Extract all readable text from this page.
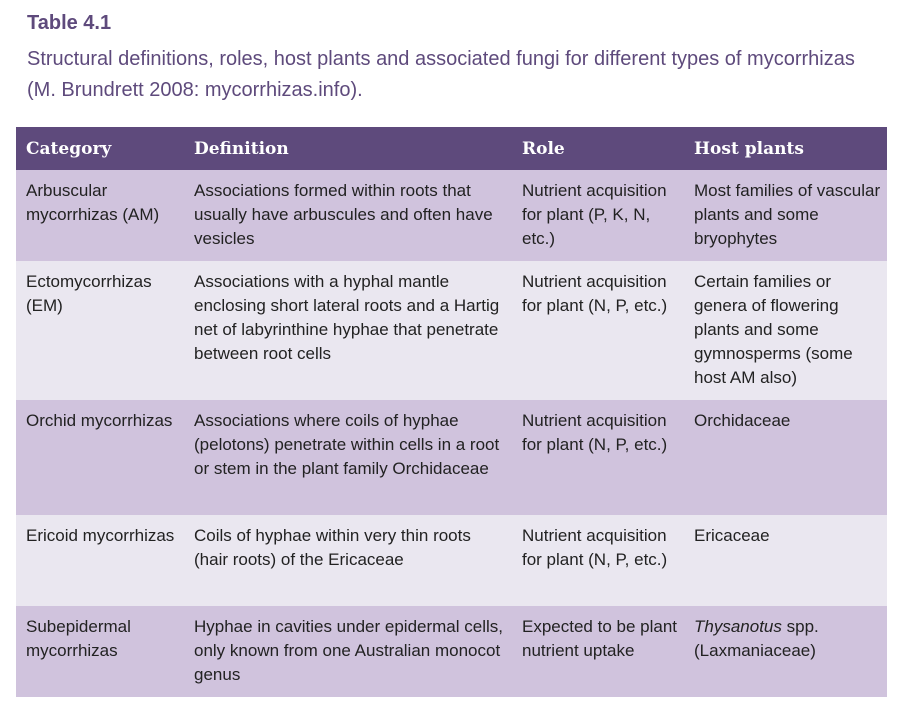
Table 4.1

Structural definitions, roles, host plants and associated fungi for different types of mycorrhizas (M. Brundrett 2008: mycorrhizas.info).

Category	Definition	Role	Host plants
Arbuscular mycorrhizas (AM)	Associations formed within roots that usually have arbuscules and often have vesicles	Nutrient acquisition for plant (P, K, N, etc.)	Most families of vascular plants and some bryophytes
Ectomycorrhizas (EM)	Associations with a hyphal mantle enclosing short lateral roots and a Hartig net of labyrinthine hyphae that penetrate between root cells	Nutrient acquisition for plant (N, P, etc.)	Certain families or genera of flowering plants and some gymnosperms (some host AM also)
Orchid mycorrhizas	Associations where coils of hyphae (pelotons) penetrate within cells in a root or stem in the plant family Orchidaceae	Nutrient acquisition for plant (N, P, etc.)	Orchidaceae
Ericoid mycorrhizas	Coils of hyphae within very thin roots (hair roots) of the Ericaceae	Nutrient acquisition for plant (N, P, etc.)	Ericaceae
Subepidermal mycorrhizas	Hyphae in cavities under epidermal cells, only known from one Australian monocot genus	Expected to be plant nutrient uptake	Thysanotus spp. (Laxmaniaceae)
